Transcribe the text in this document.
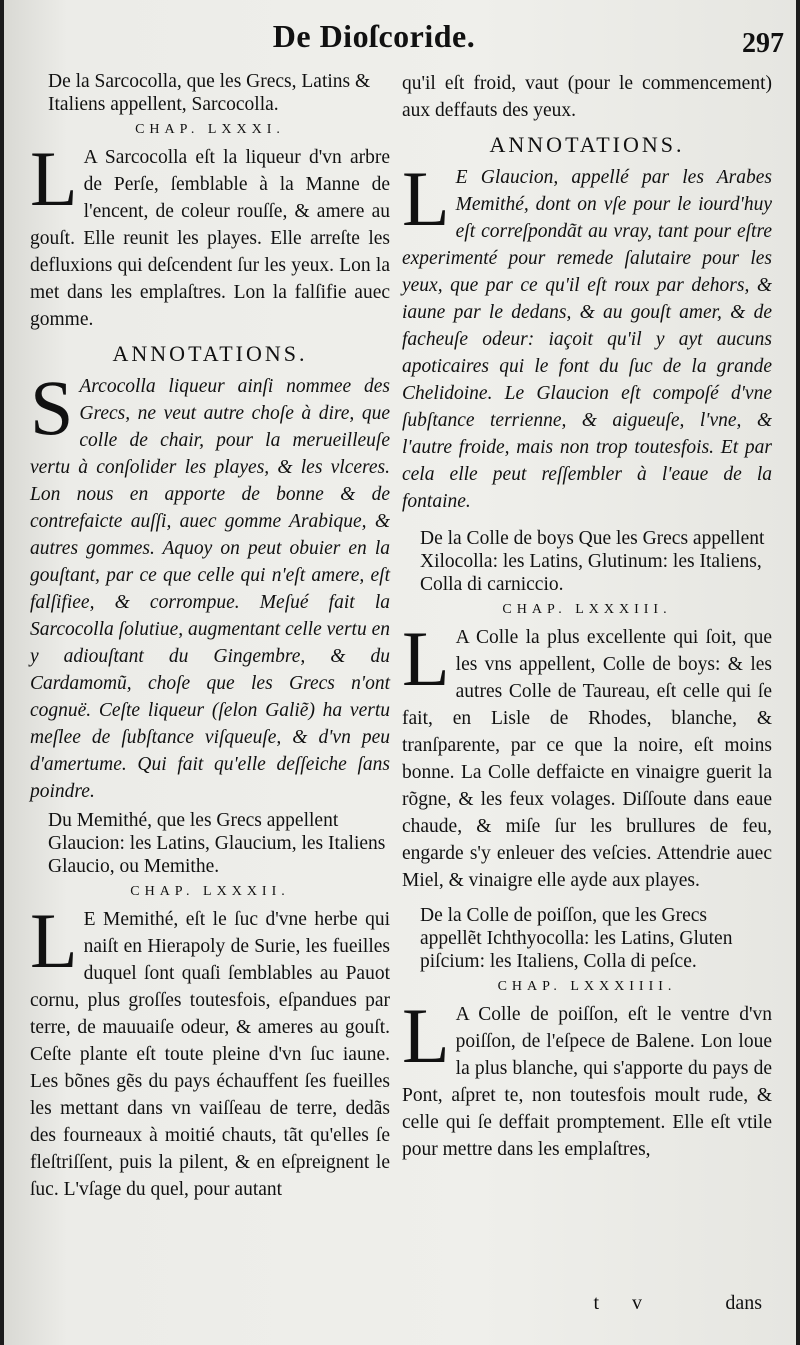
De Dioſcoride.	297

De la Sarcocolla, que les Grecs, Latins & Italiens appellent, Sarcocolla.

CHAP. LXXXI.

L A Sarcocolla eſt la liqueur d'vn arbre de Perſe, ſemblable à la Manne de l'encent, de coleur rouſſe, & amere au gouſt. Elle reunit les playes. Elle arreſte les defluxions qui deſcendent ſur les yeux. Lon la met dans les emplaſtres. Lon la falſifie auec gomme.

ANNOTATIONS.

S Arcocolla liqueur ainſi nommee des Grecs, ne veut autre choſe à dire, que colle de chair, pour la merueilleuſe vertu à conſolider les playes, & les vlceres. Lon nous en apporte de bonne & de contrefaicte auſſi, auec gomme Arabique, & autres gommes. Aquoy on peut obuier en la gouſtant, par ce que celle qui n'eſt amere, eſt falſifiee, & corrompue. Meſué fait la Sarcocolla ſolutiue, augmentant celle vertu en y adiouſtant du Gingembre, & du Cardamomũ, choſe que les Grecs n'ont cognuë. Ceſte liqueur (ſelon Galiẽ) ha vertu meſlee de ſubſtance viſqueuſe, & d'vn peu d'amertume. Qui fait qu'elle deſſeiche ſans poindre.

Du Memithé, que les Grecs appellent Glaucion: les Latins, Glaucium, les Italiens Glaucio, ou Memithe.

CHAP. LXXXII.

L E Memithé, eſt le ſuc d'vne herbe qui naiſt en Hierapoly de Surie, les fueilles duquel ſont quaſi ſemblables au Pauot cornu, plus groſſes toutesfois, eſpandues par terre, de mauuaiſe odeur, & ameres au gouſt. Ceſte plante eſt toute pleine d'vn ſuc iaune. Les bõnes gẽs du pays échauffent ſes fueilles les mettant dans vn vaiſſeau de terre, dedãs des fourneaux à moitié chauts, tãt qu'elles ſe fleſtriſſent, puis la pilent, & en eſpreignent le ſuc. L'vſage du quel, pour autant

qu'il eſt froid, vaut (pour le commencement) aux deffauts des yeux.

ANNOTATIONS.

L E Glaucion, appellé par les Arabes Memithé, dont on vſe pour le iourd'huy eſt correſpondãt au vray, tant pour eſtre experimenté pour remede ſalutaire pour les yeux, que par ce qu'il eſt roux par dehors, & iaune par le dedans, & au gouſt amer, & de facheuſe odeur: iaçoit qu'il y ayt aucuns apoticaires qui le font du ſuc de la grande Chelidoine. Le Glaucion eſt compoſé d'vne ſubſtance terrienne, & aigueuſe, l'vne, & l'autre froide, mais non trop toutesfois. Et par cela elle peut reſſembler à l'eaue de la fontaine.

De la Colle de boys Que les Grecs appellent Xilocolla: les Latins, Glutinum: les Italiens, Colla di carniccio.

CHAP. LXXXIII.

L A Colle la plus excellente qui ſoit, que les vns appellent, Colle de boys: & les autres Colle de Taureau, eſt celle qui ſe fait, en Lisle de Rhodes, blanche, & tranſparente, par ce que la noire, eſt moins bonne. La Colle deffaicte en vinaigre guerit la rõgne, & les feux volages. Diſſoute dans eaue chaude, & miſe ſur les brullures de feu, engarde s'y enleuer des veſcies. Attendrie auec Miel, & vinaigre elle ayde aux playes.

De la Colle de poiſſon, que les Grecs appellẽt Ichthyocolla: les Latins, Gluten piſcium: les Italiens, Colla di peſce.

CHAP. LXXXIIII.

L A Colle de poiſſon, eſt le ventre d'vn poiſſon, de l'eſpece de Balene. Lon loue la plus blanche, qui s'apporte du pays de Pont, aſpret te, non toutesfois moult rude, & celle qui ſe deffait promptement. Elle eſt vtile pour mettre dans les emplaſtres,

t v	dans
